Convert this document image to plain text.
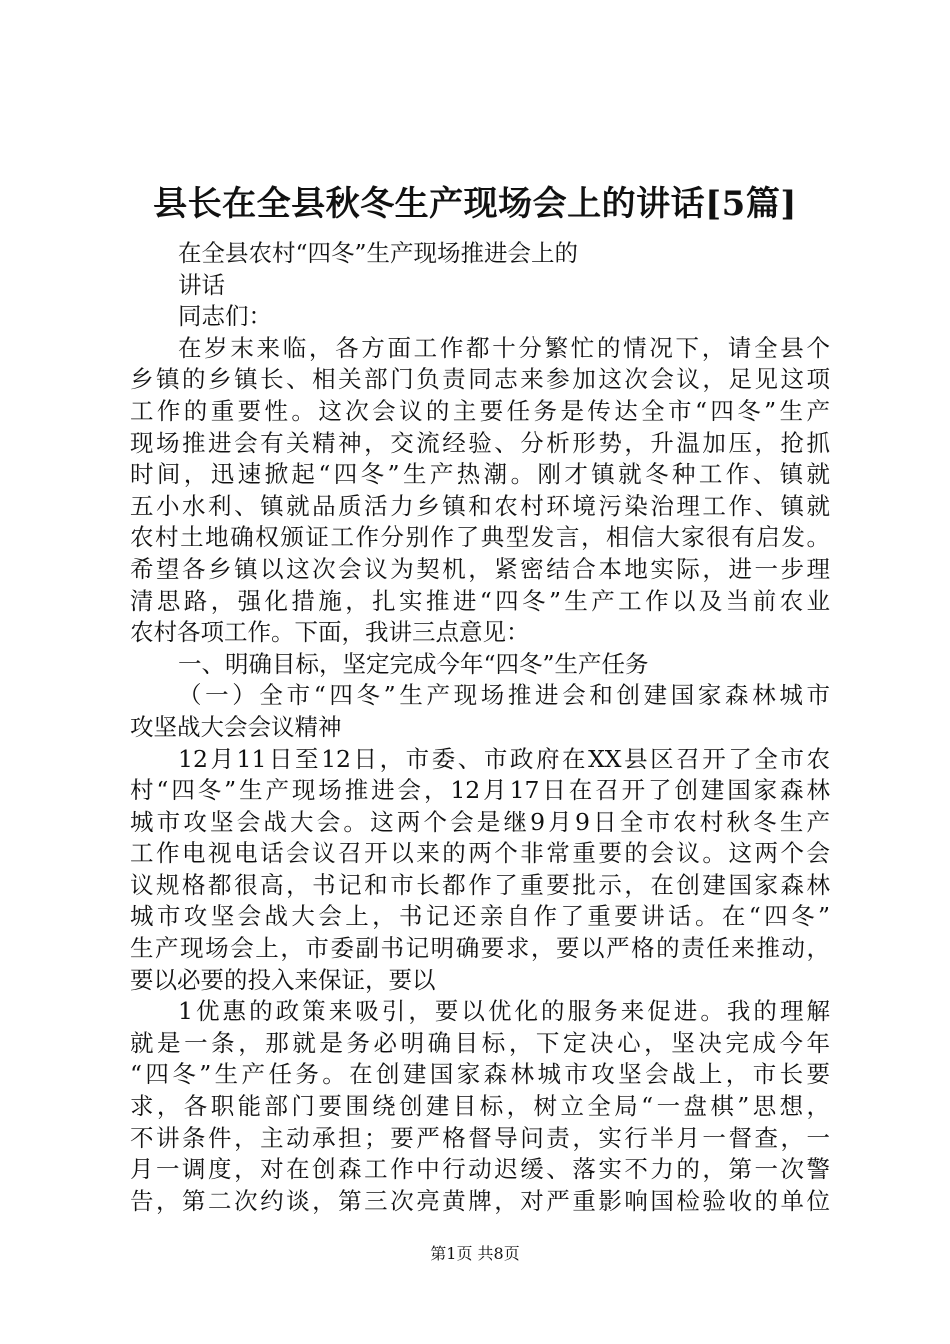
县长在全县秋冬生产现场会上的讲话[5篇]
在全县农村“四冬”生产现场推进会上的
讲话
同志们：
在岁末来临，各方面工作都十分繁忙的情况下，请全县个
乡镇的乡镇长、相关部门负责同志来参加这次会议，足见这项
工作的重要性。这次会议的主要任务是传达全市“四冬”生产
现场推进会有关精神，交流经验、分析形势，升温加压，抢抓
时间，迅速掀起“四冬”生产热潮。刚才镇就冬种工作、镇就
五小水利、镇就品质活力乡镇和农村环境污染治理工作、镇就
农村土地确权颁证工作分别作了典型发言，相信大家很有启发。
希望各乡镇以这次会议为契机，紧密结合本地实际，进一步理
清思路，强化措施，扎实推进“四冬”生产工作以及当前农业
农村各项工作。下面，我讲三点意见：
一、明确目标，坚定完成今年“四冬”生产任务
（一）全市“四冬”生产现场推进会和创建国家森林城市
攻坚战大会会议精神
12月11日至12日，市委、市政府在XX县区召开了全市农
村“四冬”生产现场推进会，12月17日在召开了创建国家森林
城市攻坚会战大会。这两个会是继9月9日全市农村秋冬生产
工作电视电话会议召开以来的两个非常重要的会议。这两个会
议规格都很高，书记和市长都作了重要批示，在创建国家森林
城市攻坚会战大会上，书记还亲自作了重要讲话。在“四冬”
生产现场会上，市委副书记明确要求，要以严格的责任来推动，
要以必要的投入来保证，要以
1优惠的政策来吸引，要以优化的服务来促进。我的理解
就是一条，那就是务必明确目标，下定决心，坚决完成今年
“四冬”生产任务。在创建国家森林城市攻坚会战上，市长要
求，各职能部门要围绕创建目标，树立全局“一盘棋”思想，
不讲条件，主动承担；要严格督导问责，实行半月一督查，一
月一调度，对在创森工作中行动迟缓、落实不力的，第一次警
告，第二次约谈，第三次亮黄牌，对严重影响国检验收的单位
第1页 共8页
